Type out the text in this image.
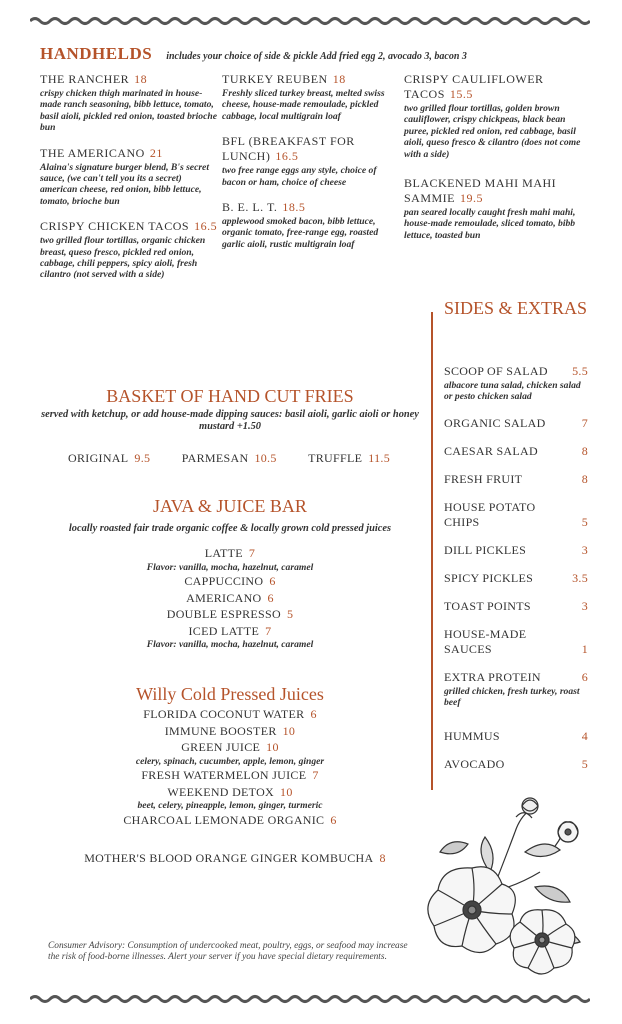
HANDHELDS includes your choice of side & pickle Add fried egg 2, avocado 3, bacon 3
THE RANCHER 18
crispy chicken thigh marinated in house-made ranch seasoning, bibb lettuce, tomato, basil aioli, pickled red onion, toasted brioche bun
THE AMERICANO 21
Alaina's signature burger blend, B's secret sauce, (we can't tell you its a secret) american cheese, red onion, bibb lettuce, tomato, brioche bun
CRISPY CHICKEN TACOS 16.5
two grilled flour tortillas, organic chicken breast, queso fresco, pickled red onion, cabbage, chili peppers, spicy aioli, fresh cilantro (not served with a side)
TURKEY REUBEN 18
Freshly sliced turkey breast, melted swiss cheese, house-made remoulade, pickled cabbage, local multigrain loaf
BFL (BREAKFAST FOR LUNCH) 16.5
two free range eggs any style, choice of bacon or ham, choice of cheese
B. E. L. T. 18.5
applewood smoked bacon, bibb lettuce, organic tomato, free-range egg, roasted garlic aioli, rustic multigrain loaf
CRISPY CAULIFLOWER TACOS 15.5
two grilled flour tortillas, golden brown cauliflower, crispy chickpeas, black bean puree, pickled red onion, red cabbage, basil aioli, queso fresco & cilantro (does not come with a side)
BLACKENED MAHI MAHI SAMMIE 19.5
pan seared locally caught fresh mahi mahi, house-made remoulade, sliced tomato, bibb lettuce, toasted bun
SIDES & EXTRAS
SCOOP OF SALAD 5.5
albacore tuna salad, chicken salad or pesto chicken salad
ORGANIC SALAD	7
CAESAR SALAD	8
FRESH FRUIT	8
HOUSE POTATO CHIPS	5
DILL PICKLES	3
SPICY PICKLES	3.5
TOAST POINTS	3
HOUSE-MADE SAUCES	1
EXTRA PROTEIN	6
grilled chicken, fresh turkey, roast beef
HUMMUS	4
AVOCADO	5
BASKET OF HAND CUT FRIES
served with ketchup, or add house-made dipping sauces: basil aioli, garlic aioli or honey mustard +1.50
ORIGINAL 9.5	PARMESAN 10.5	TRUFFLE 11.5
JAVA & JUICE BAR
locally roasted fair trade organic coffee & locally grown cold pressed juices
LATTE 7
Flavor: vanilla, mocha, hazelnut, caramel
CAPPUCCINO 6
AMERICANO 6
DOUBLE ESPRESSO 5
ICED LATTE 7
Flavor: vanilla, mocha, hazelnut, caramel
Willy Cold Pressed Juices
FLORIDA COCONUT WATER 6
IMMUNE BOOSTER 10
GREEN JUICE 10
celery, spinach, cucumber, apple, lemon, ginger
FRESH WATERMELON JUICE 7
WEEKEND DETOX 10
beet, celery, pineapple, lemon, ginger, turmeric
CHARCOAL LEMONADE ORGANIC 6
MOTHER'S BLOOD ORANGE GINGER KOMBUCHA 8
Consumer Advisory: Consumption of undercooked meat, poultry, eggs, or seafood may increase the risk of food-borne illnesses. Alert your server if you have special dietary requirements.
